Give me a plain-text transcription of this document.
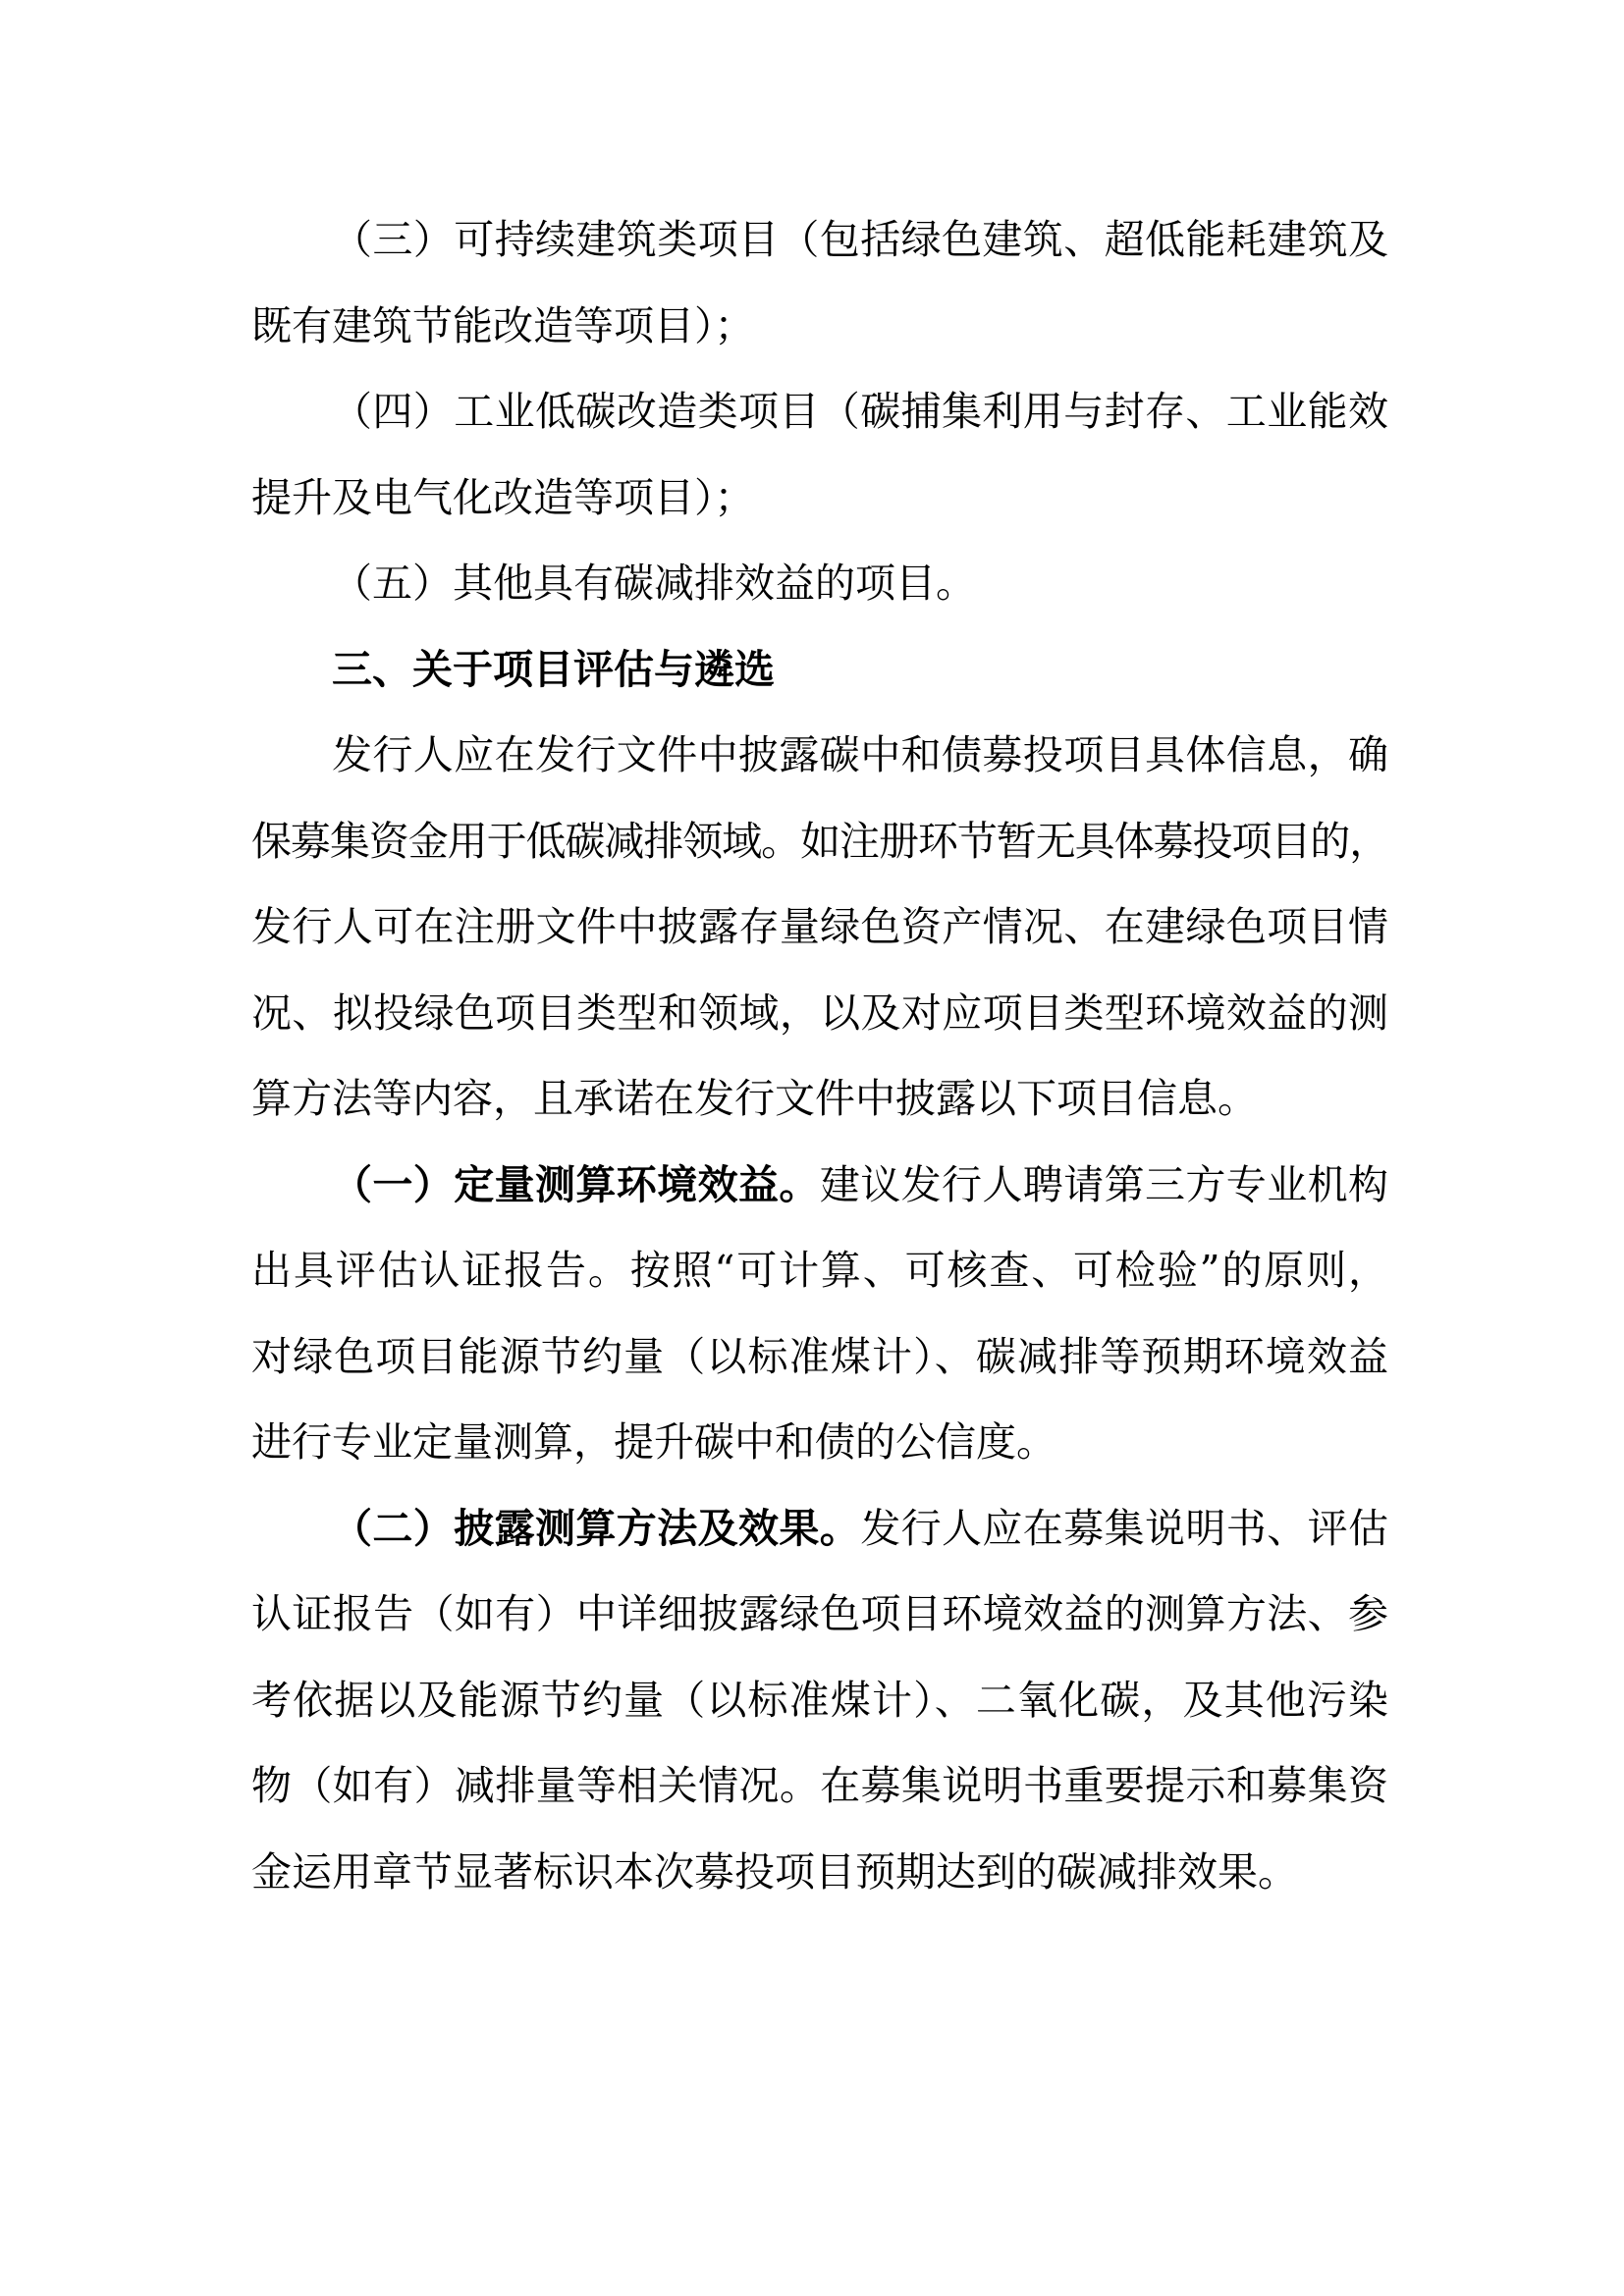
（三）可持续建筑类项目（包括绿色建筑、超低能耗建筑及
既有建筑节能改造等项目）；
（四）工业低碳改造类项目（碳捕集利用与封存、工业能效
提升及电气化改造等项目）；
（五）其他具有碳减排效益的项目。
三、关于项目评估与遴选
发行人应在发行文件中披露碳中和债募投项目具体信息，确
保募集资金用于低碳减排领域。如注册环节暂无具体募投项目的，
发行人可在注册文件中披露存量绿色资产情况、在建绿色项目情
况、拟投绿色项目类型和领域，以及对应项目类型环境效益的测
算方法等内容，且承诺在发行文件中披露以下项目信息。
（一）定量测算环境效益。建议发行人聘请第三方专业机构
出具评估认证报告。按照“可计算、可核查、可检验”的原则，
对绿色项目能源节约量（以标准煤计）、碳减排等预期环境效益
进行专业定量测算，提升碳中和债的公信度。
（二）披露测算方法及效果。发行人应在募集说明书、评估
认证报告（如有）中详细披露绿色项目环境效益的测算方法、参
考依据以及能源节约量（以标准煤计）、二氧化碳，及其他污染
物（如有）减排量等相关情况。在募集说明书重要提示和募集资
金运用章节显著标识本次募投项目预期达到的碳减排效果。
